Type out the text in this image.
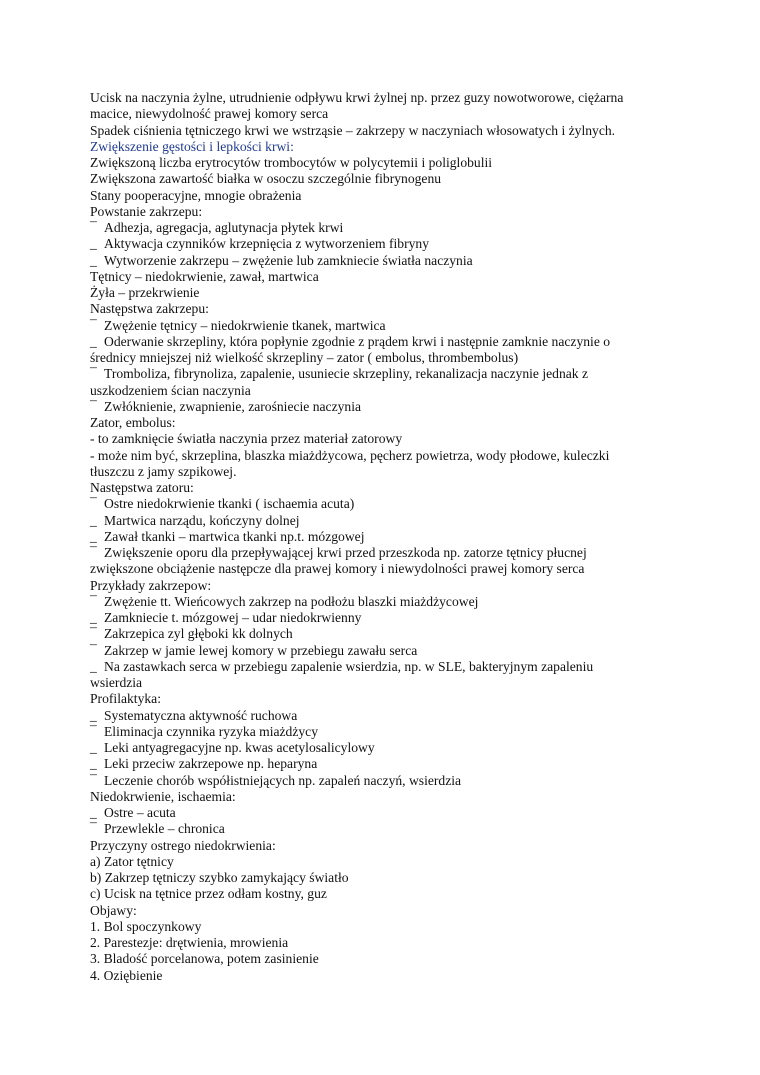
Ucisk na naczynia żylne, utrudnienie odpływu krwi żylnej np. przez guzy nowotworowe, ciężarna
macice, niewydolność prawej komory serca
Spadek ciśnienia tętniczego krwi we wstrząsie – zakrzepy w naczyniach włosowatych i żylnych.
Zwiększenie gęstości i lepkości krwi:
Zwiększoną liczba erytrocytów trombocytów w polycytemii i poliglobulii
Zwiększona zawartość białka w osoczu szczególnie fibrynogenu
Stany pooperacyjne, mnogie obrażenia
Powstanie zakrzepu:
¯ Adhezja, agregacja, aglutynacja płytek krwi
_ Aktywacja czynników krzepnięcia z wytworzeniem fibryny
_ Wytworzenie zakrzepu – zwężenie lub zamkniecie światła naczynia
Tętnicy – niedokrwienie, zawał, martwica
Żyła – przekrwienie
Następstwa zakrzepu:
¯ Zwężenie tętnicy – niedokrwienie tkanek, martwica
_ Oderwanie skrzepliny, która popłynie zgodnie z prądem krwi i następnie zamknie naczynie o
średnicy mniejszej niż wielkość skrzepliny – zator ( embolus, thrombembolus)
¯ Tromboliza, fibrynoliza, zapalenie, usuniecie skrzepliny, rekanalizacja naczynie jednak z
uszkodzeniem ścian naczynia
¯ Zwłóknienie, zwapnienie, zarośniecie naczynia
Zator, embolus:
- to zamknięcie światła naczynia przez materiał zatorowy
- może nim być, skrzeplina, blaszka miażdżycowa, pęcherz powietrza, wody płodowe, kuleczki
tłuszczu z jamy szpikowej.
Następstwa zatoru:
¯ Ostre niedokrwienie tkanki ( ischaemia acuta)
_ Martwica narządu, kończyny dolnej
_ Zawał tkanki – martwica tkanki np.t. mózgowej
¯ Zwiększenie oporu dla przepływającej krwi przed przeszkoda np. zatorze tętnicy płucnej
zwiększone obciążenie następcze dla prawej komory i niewydolności prawej komory serca
Przykłady zakrzepow:
¯ Zwężenie tt. Wieńcowych zakrzep na podłożu blaszki miażdżycowej
_ Zamkniecie t. mózgowej – udar niedokrwienny
¯ Zakrzepica zyl głęboki kk dolnych
¯ Zakrzep w jamie lewej komory w przebiegu zawału serca
_ Na zastawkach serca w przebiegu zapalenie wsierdzia, np. w SLE, bakteryjnym zapaleniu
wsierdzia
Profilaktyka:
_ Systematyczna aktywność ruchowa
¯ Eliminacja czynnika ryzyka miażdżycy
_ Leki antyagregacyjne np. kwas acetylosalicylowy
_ Leki przeciw zakrzepowe np. heparyna
¯ Leczenie chorób współistniejących np. zapaleń naczyń, wsierdzia
Niedokrwienie, ischaemia:
_ Ostre – acuta
¯ Przewlekle – chronica
Przyczyny ostrego niedokrwienia:
a) Zator tętnicy
b) Zakrzep tętniczy szybko zamykający światło
c) Ucisk na tętnice przez odłam kostny, guz
Objawy:
1. Bol spoczynkowy
2. Parestezje: drętwienia, mrowienia
3. Bladość porcelanowa, potem zasinienie
4. Oziębienie
